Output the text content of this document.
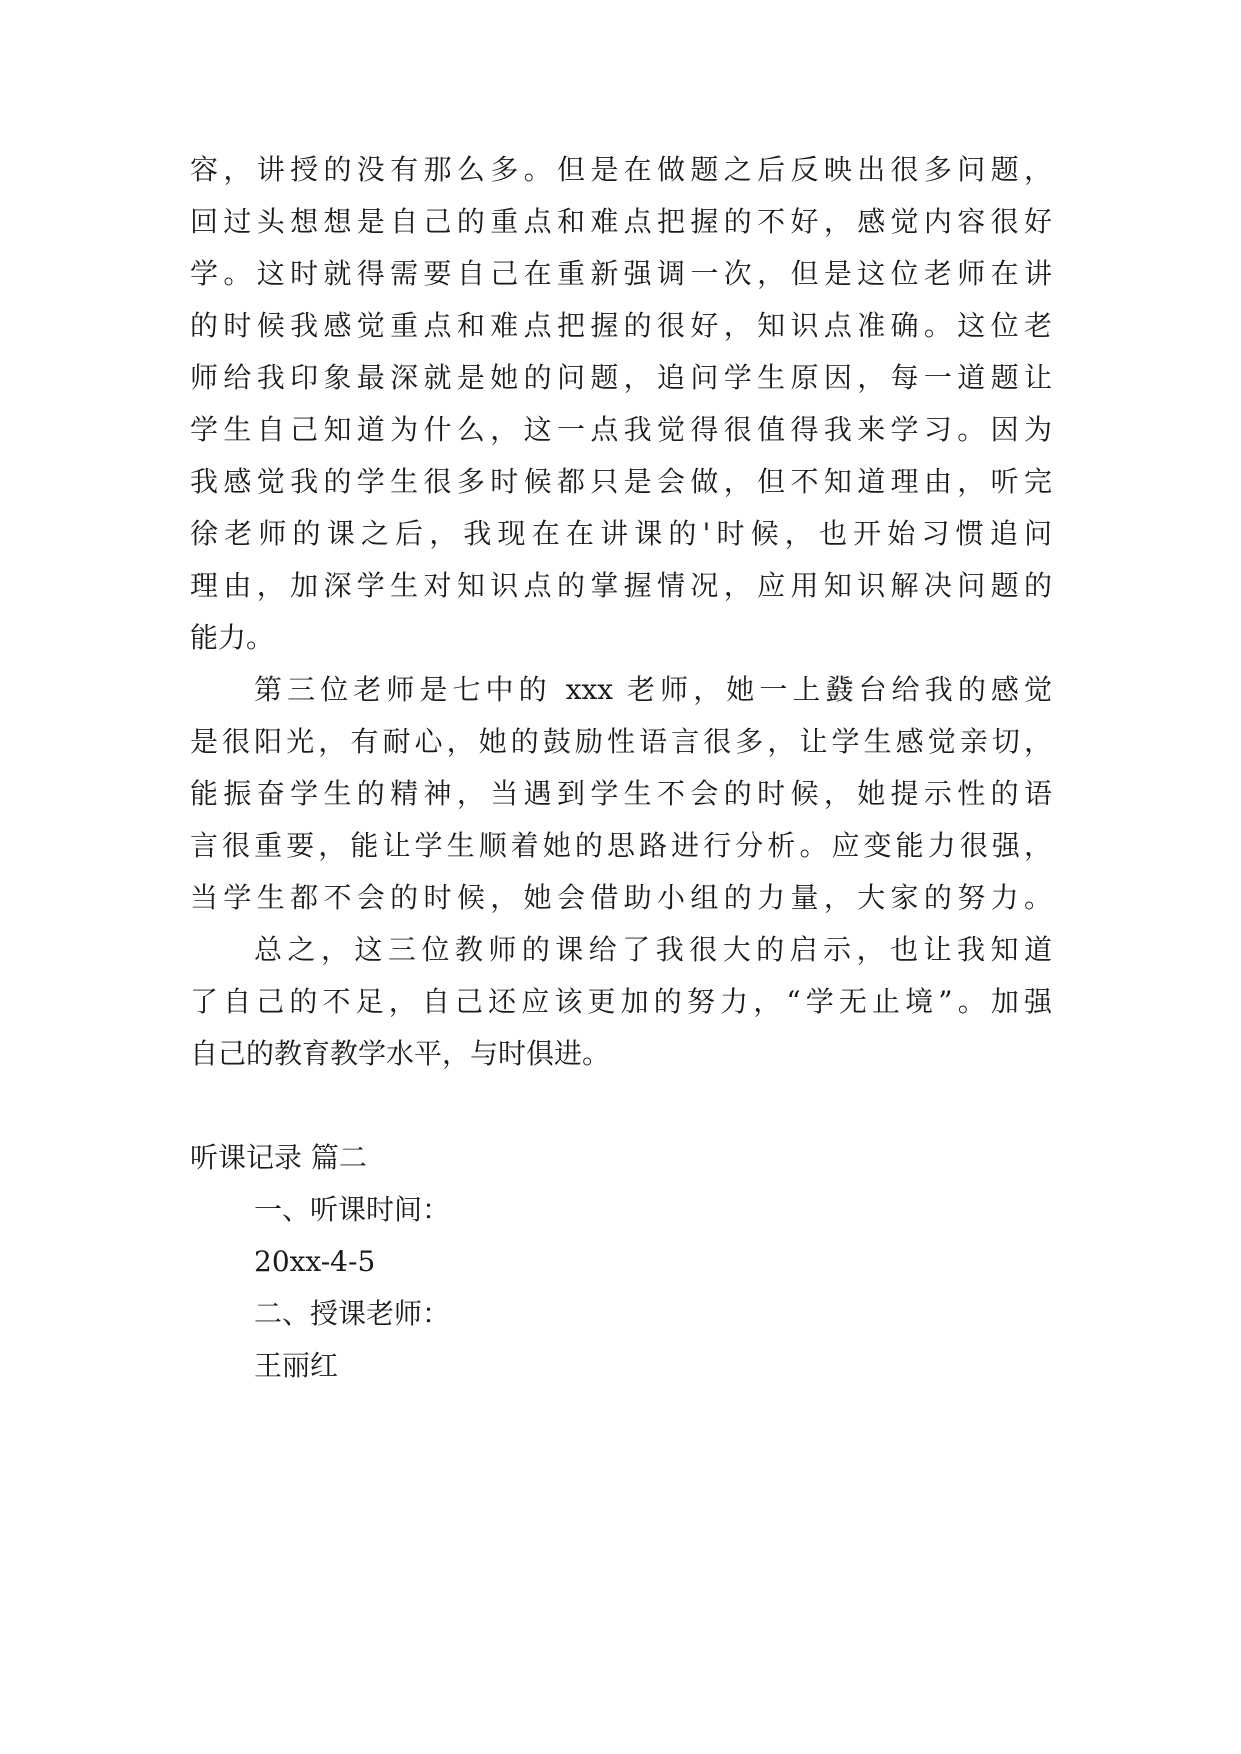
容，讲授的没有那么多。但是在做题之后反映出很多问题，
回过头想想是自己的重点和难点把握的不好，感觉内容很好
学。这时就得需要自己在重新强调一次，但是这位老师在讲
的时候我感觉重点和难点把握的很好，知识点准确。这位老
师给我印象最深就是她的问题，追问学生原因，每一道题让
学生自己知道为什么，这一点我觉得很值得我来学习。因为
我感觉我的学生很多时候都只是会做，但不知道理由，听完
徐老师的课之后，我现在在讲课的'时候，也开始习惯追问
理由，加深学生对知识点的掌握情况，应用知识解决问题的
能力。
第三位老师是七中的 xxx 老师，她一上鼗台给我的感觉
是很阳光，有耐心，她的鼓励性语言很多，让学生感觉亲切，
能振奋学生的精神，当遇到学生不会的时候，她提示性的语
言很重要，能让学生顺着她的思路进行分析。应变能力很强，
当学生都不会的时候，她会借助小组的力量，大家的努力。
总之，这三位教师的课给了我很大的启示，也让我知道
了自己的不足，自己还应该更加的努力，“学无止境”。加强
自己的教育教学水平，与时俱进。
听课记录 篇二
一、听课时间：
20xx-4-5
二、授课老师：
王丽红
